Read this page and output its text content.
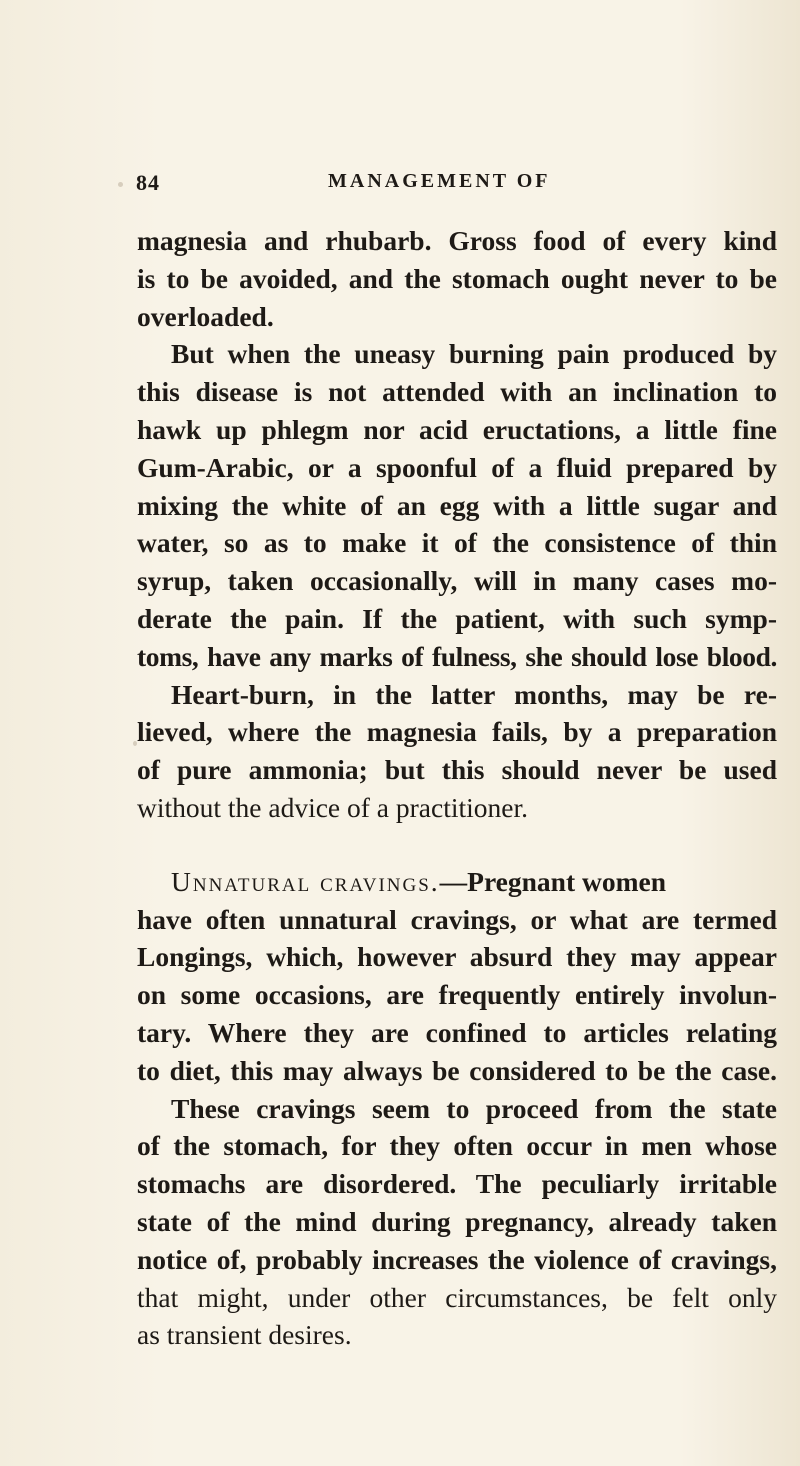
84	MANAGEMENT OF
magnesia and rhubarb. Gross food of every kind
is to be avoided, and the stomach ought never to be
overloaded.
But when the uneasy burning pain produced by
this disease is not attended with an inclination to
hawk up phlegm nor acid eructations, a little fine
Gum-Arabic, or a spoonful of a fluid prepared by
mixing the white of an egg with a little sugar and
water, so as to make it of the consistence of thin
syrup, taken occasionally, will in many cases mo-
derate the pain. If the patient, with such symp-
toms, have any marks of fulness, she should lose blood.
Heart-burn, in the latter months, may be re-
lieved, where the magnesia fails, by a preparation
of pure ammonia; but this should never be used
without the advice of a practitioner.
Unnatural cravings.—Pregnant women
have often unnatural cravings, or what are termed
Longings, which, however absurd they may appear
on some occasions, are frequently entirely involun-
tary. Where they are confined to articles relating
to diet, this may always be considered to be the case.
These cravings seem to proceed from the state
of the stomach, for they often occur in men whose
stomachs are disordered. The peculiarly irritable
state of the mind during pregnancy, already taken
notice of, probably increases the violence of cravings,
that might, under other circumstances, be felt only
as transient desires.
